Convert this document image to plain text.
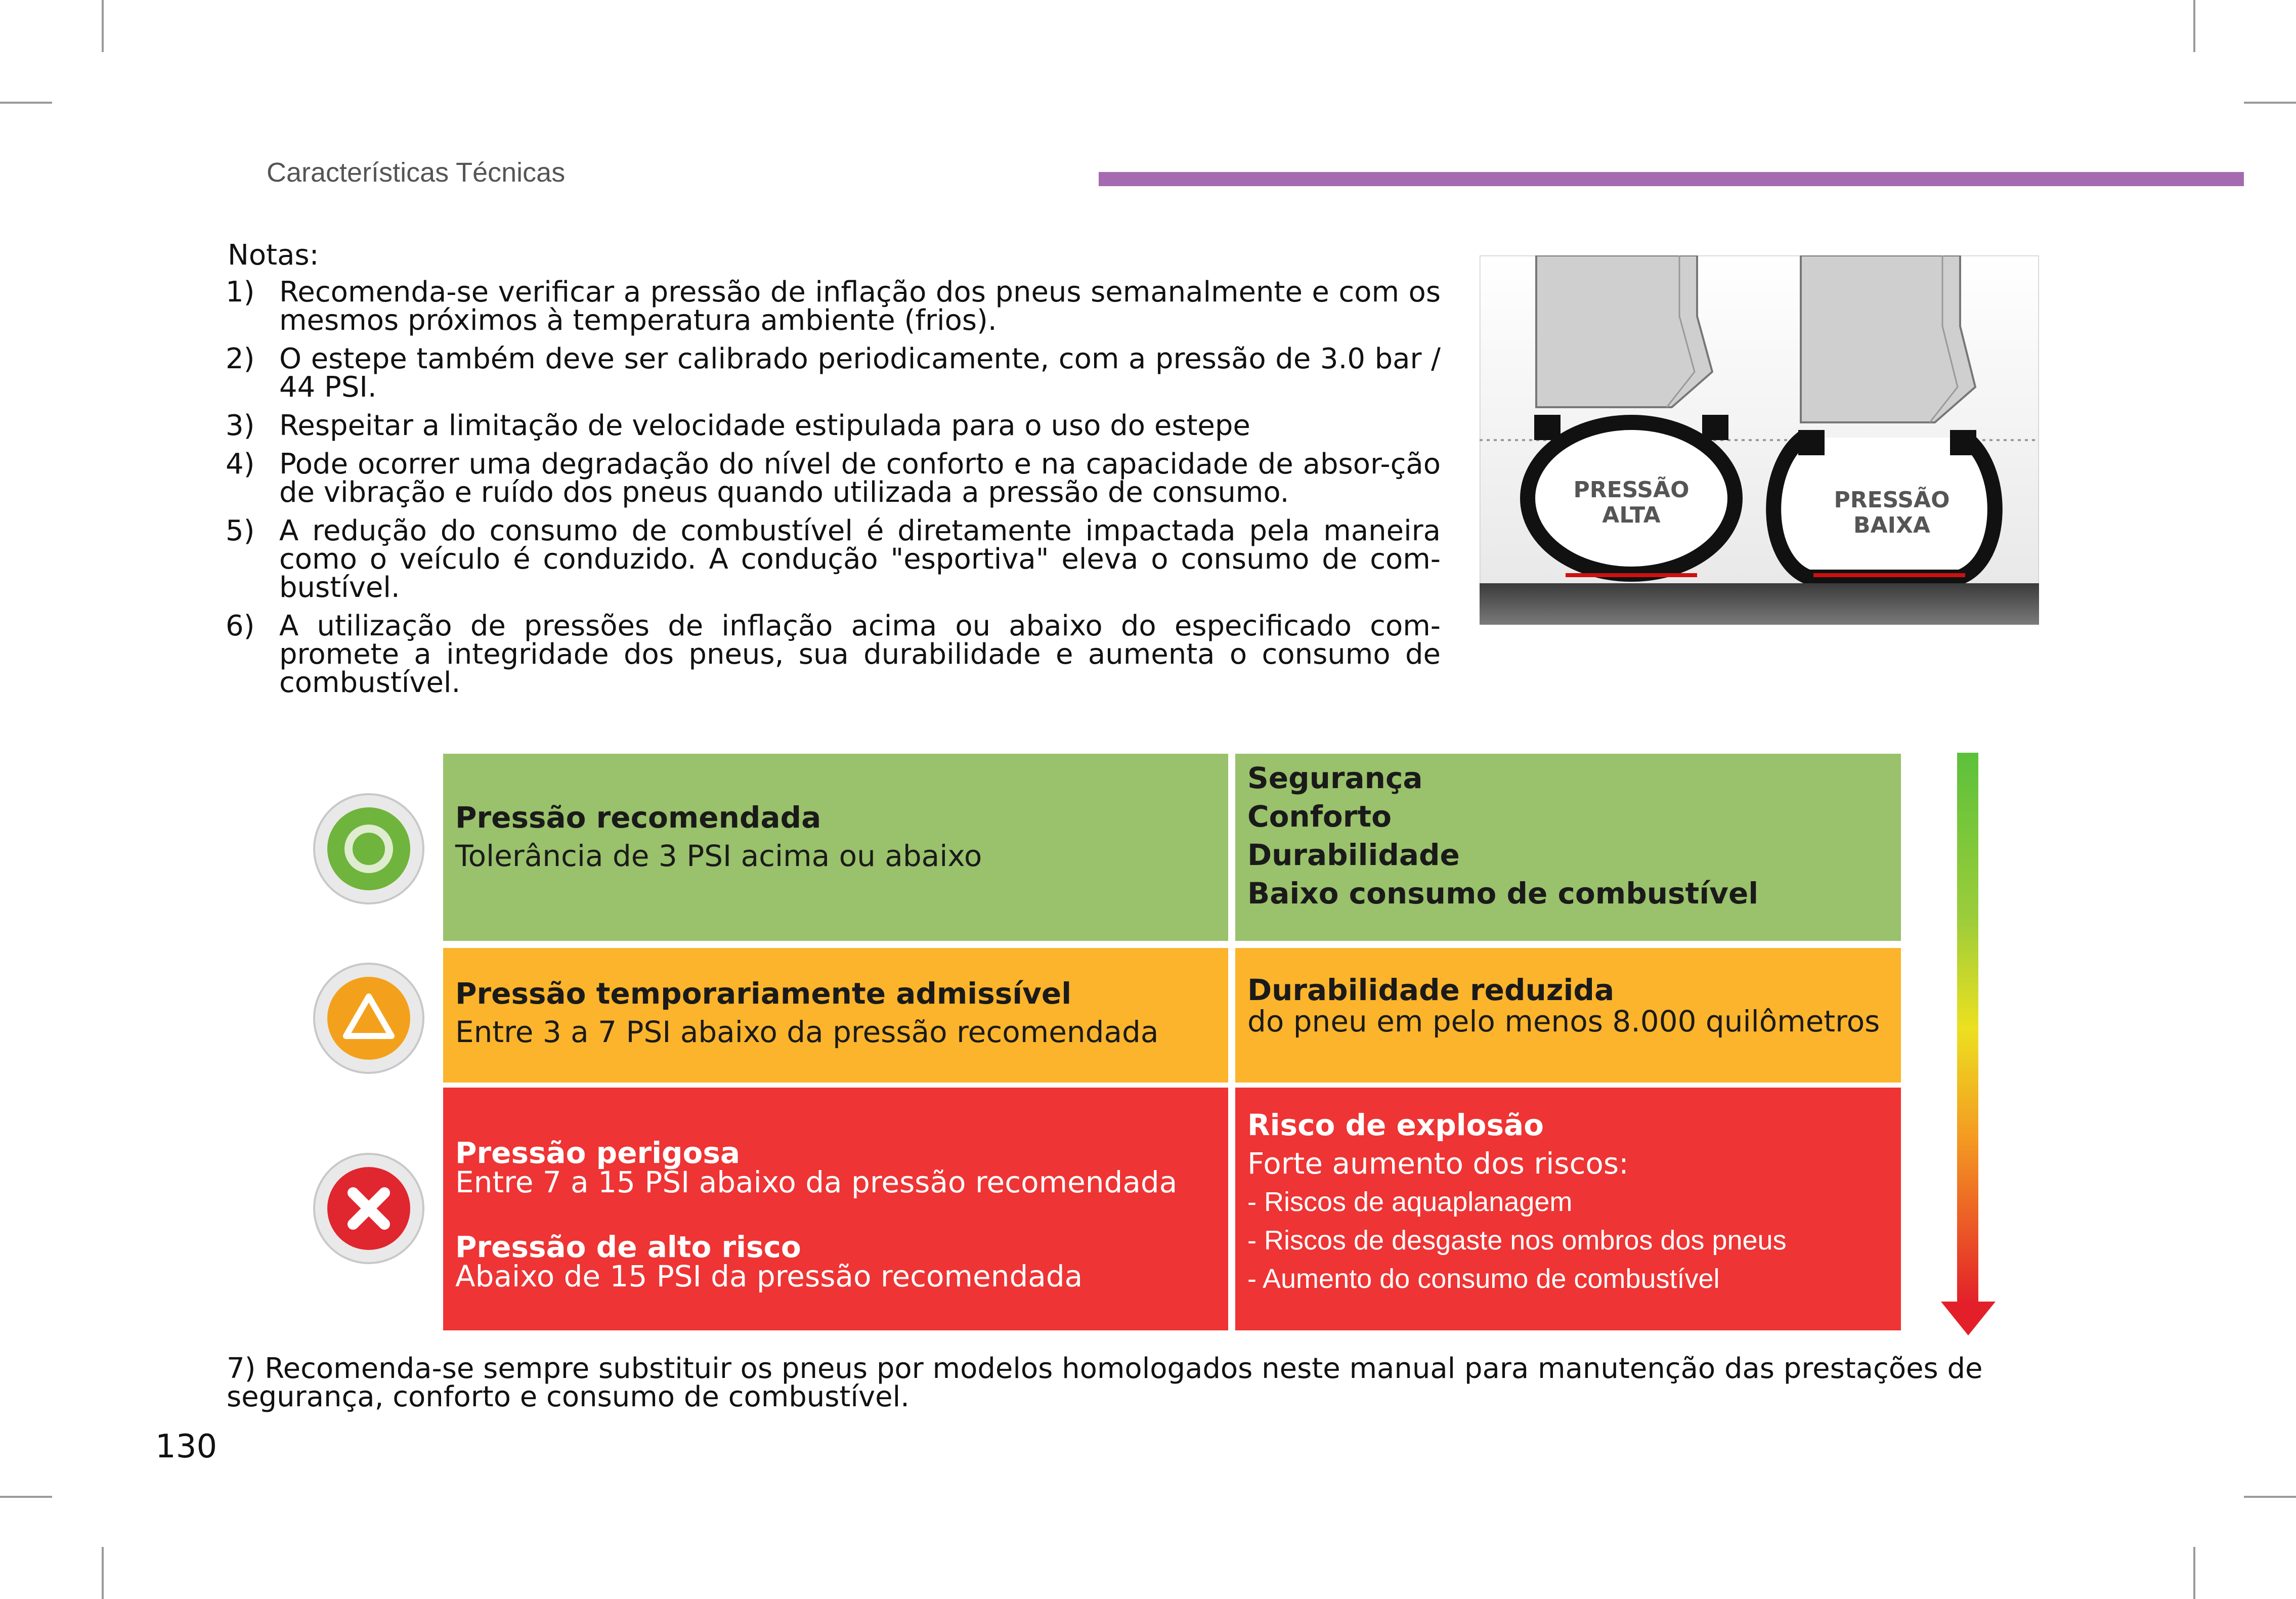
Características Técnicas
Notas:
1) Recomenda-se verificar a pressão de inflação dos pneus semanalmente e com os mesmos próximos à temperatura ambiente (frios).
2) O estepe também deve ser calibrado periodicamente, com a pressão de 3.0 bar / 44 PSI.
3) Respeitar a limitação de velocidade estipulada para o uso do estepe
4) Pode ocorrer uma degradação do nível de conforto e na capacidade de absor-ção de vibração e ruído dos pneus quando utilizada a pressão de consumo.
5) A redução do consumo de combustível é diretamente impactada pela maneira como o veículo é conduzido. A condução "esportiva" eleva o consumo de com-bustível.
6) A utilização de pressões de inflação acima ou abaixo do especificado com-promete a integridade dos pneus, sua durabilidade e aumenta o consumo de combustível.
PRESSÃO
ALTA
PRESSÃO
BAIXA
Pressão recomendada
Tolerância de 3 PSI acima ou abaixo
Segurança
Conforto
Durabilidade
Baixo consumo de combustível
Pressão temporariamente admissível
Entre 3 a 7 PSI abaixo da pressão recomendada
Durabilidade reduzida
do pneu em pelo menos 8.000 quilômetros
Pressão perigosa
Entre 7 a 15 PSI abaixo da pressão recomendada
Pressão de alto risco
Abaixo de 15 PSI da pressão recomendada
Risco de explosão
Forte aumento dos riscos:
- Riscos de aquaplanagem
- Riscos de desgaste nos ombros dos pneus
- Aumento do consumo de combustível
7) Recomenda-se sempre substituir os pneus por modelos homologados neste manual para manutenção das prestações de segurança, conforto e consumo de combustível.
130
